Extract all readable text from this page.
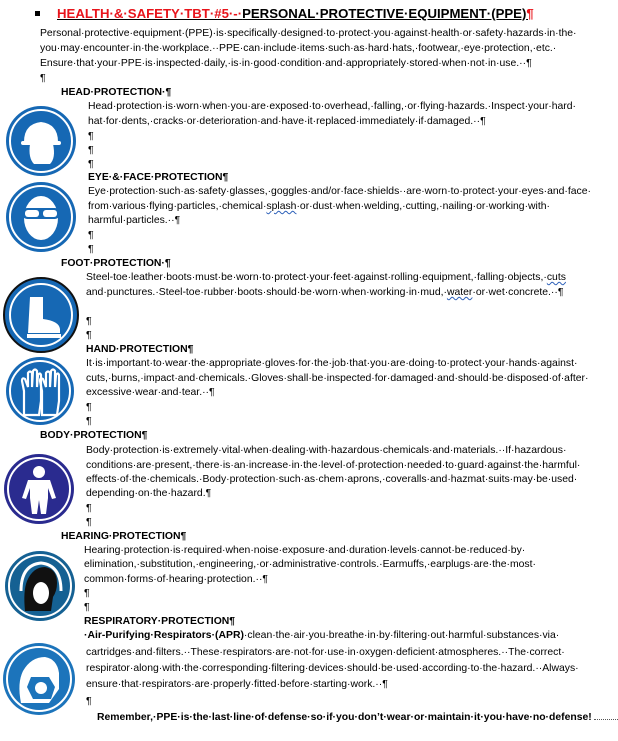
HEALTH·&·SAFETY·TBT·#5·-·PERSONAL·PROTECTIVE·EQUIPMENT·(PPE)¶
Personal·protective·equipment·(PPE)·is·specifically·designed·to·protect·you·against·health·or·safety·hazards·in·the·
you·may·encounter·in·the·workplace.··PPE·can·include·items·such·as·hard·hats,·footwear,·eye·protection,·etc.·
Ensure·that·your·PPE·is·inspected·daily,·is·in·good·condition·and·appropriately·stored·when·not·in·use.··¶
¶
HEAD·PROTECTION·¶
Head·protection·is·worn·when·you·are·exposed·to·overhead,·falling,·or·flying·hazards.·Inspect·your·hard·
hat·for·dents,·cracks·or·deterioration·and·have·it·replaced·immediately·if·damaged.··¶
¶
¶
¶
EYE·&·FACE·PROTECTION¶
Eye·protection·such·as·safety·glasses,·goggles·and/or·face·shields··are·worn·to·protect·your·eyes·and·face·
from·various·flying·particles,·chemical·splash·or·dust·when·welding,·cutting,·nailing·or·working·with·
harmful·particles.··¶
¶
¶
FOOT·PROTECTION·¶
Steel-toe·leather·boots·must·be·worn·to·protect·your·feet·against·rolling·equipment,·falling·objects,·cuts
and·punctures.·Steel-toe·rubber·boots·should·be·worn·when·working·in·mud,·water·or·wet·concrete.··¶
¶
¶
HAND·PROTECTION¶
It·is·important·to·wear·the·appropriate·gloves·for·the·job·that·you·are·doing·to·protect·your·hands·against·
cuts,·burns,·impact·and·chemicals.·Gloves·shall·be·inspected·for·damaged·and·should·be·disposed·of·after·
excessive·wear·and·tear.··¶
¶
¶
BODY·PROTECTION¶
Body·protection·is·extremely·vital·when·dealing·with·hazardous·chemicals·and·materials.··If·hazardous·
conditions·are·present,·there·is·an·increase·in·the·level·of·protection·needed·to·guard·against·the·harmful·
effects·of·the·chemicals.·Body·protection·such·as·chem·aprons,·coveralls·and·hazmat·suits·may·be·used·
depending·on·the·hazard.¶
¶
¶
HEARING·PROTECTION¶
Hearing·protection·is·required·when·noise·exposure·and·duration·levels·cannot·be·reduced·by·
elimination,·substitution,·engineering,·or·administrative·controls.·Earmuffs,·earplugs·are·the·most·
common·forms·of·hearing·protection.··¶
¶
¶
RESPIRATORY·PROTECTION¶
·Air-Purifying·Respirators·(APR)·clean·the·air·you·breathe·in·by·filtering·out·harmful·substances·via·
cartridges·and·filters.··These·respirators·are·not·for·use·in·oxygen·deficient·atmospheres.··The·correct·
respirator·along·with·the·corresponding·filtering·devices·should·be·used·according·to·the·hazard.··Always·
ensure·that·respirators·are·properly·fitted·before·starting·work.··¶
¶
Remember,·PPE·is·the·last·line·of·defense·so·if·you·don’t·wear·or·maintain·it·you·have·no·defense!
